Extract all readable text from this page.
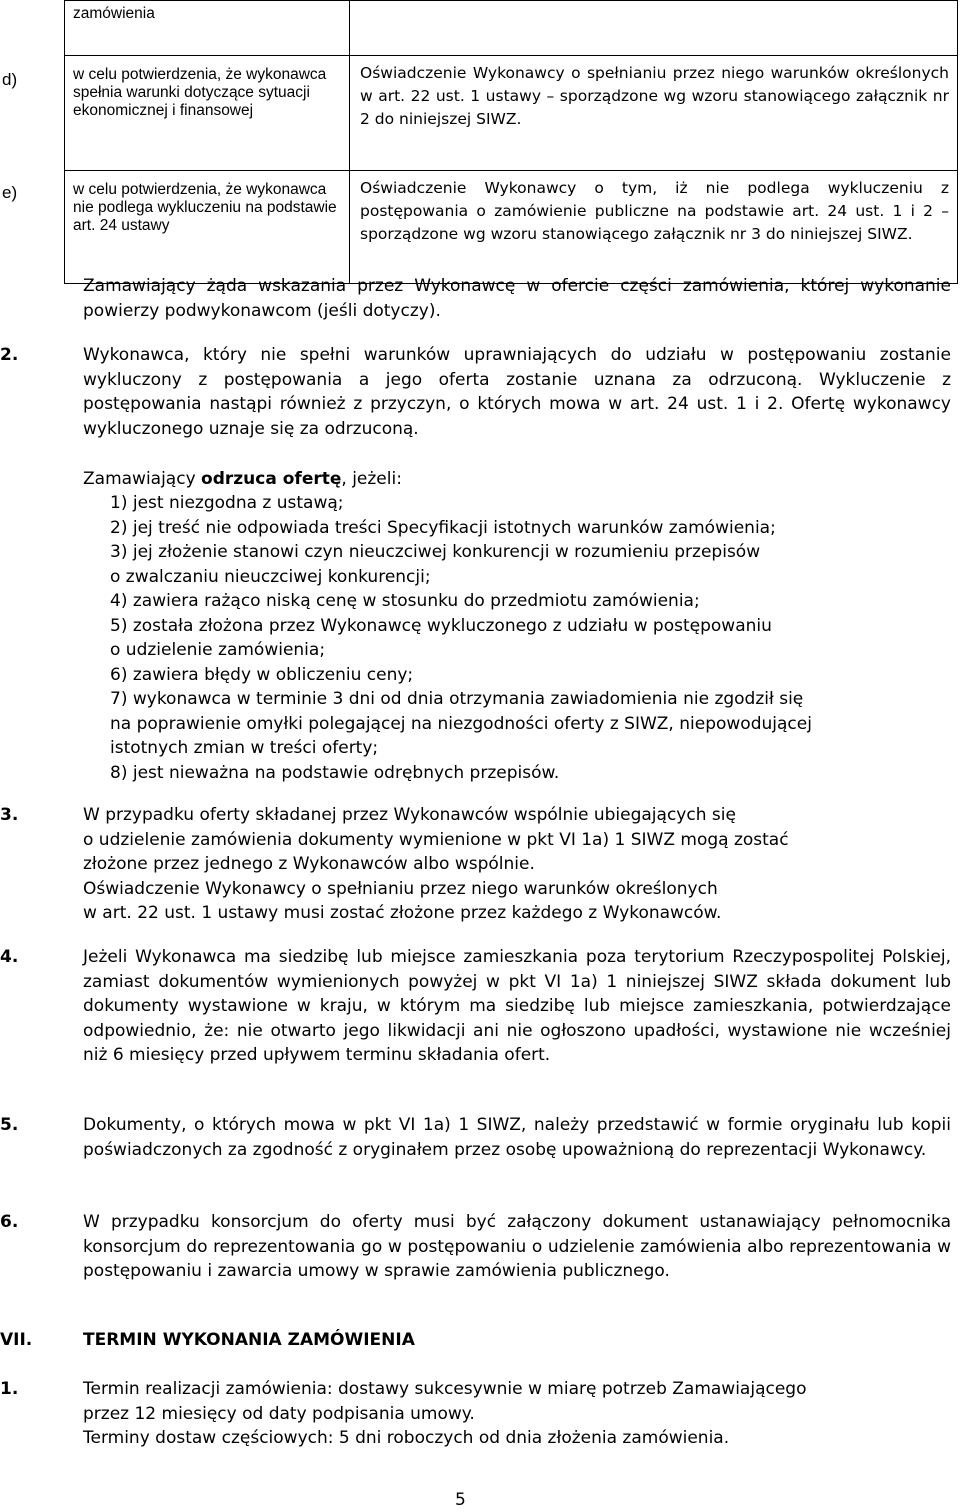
	zamówienia	
d)	w celu potwierdzenia, że wykonawca spełnia warunki dotyczące sytuacji ekonomicznej i finansowej	Oświadczenie Wykonawcy o spełnianiu przez niego warunków określonych w art. 22 ust. 1 ustawy – sporządzone wg wzoru stanowiącego załącznik nr 2 do niniejszej SIWZ.
e)	w celu potwierdzenia, że wykonawca nie podlega wykluczeniu na podstawie art. 24 ustawy	Oświadczenie Wykonawcy o tym, iż nie podlega wykluczeniu z postępowania o zamówienie publiczne na podstawie art. 24 ust. 1 i 2 – sporządzone wg wzoru stanowiącego załącznik nr 3 do niniejszej SIWZ.
Zamawiający żąda wskazania przez Wykonawcę w ofercie części zamówienia, której wykonanie powierzy podwykonawcom (jeśli dotyczy).
2.	Wykonawca, który nie spełni warunków uprawniających do udziału w postępowaniu zostanie wykluczony z postępowania a jego oferta zostanie uznana za odrzuconą. Wykluczenie z postępowania nastąpi również z przyczyn, o których mowa w art. 24 ust. 1 i 2. Ofertę wykonawcy wykluczonego uznaje się za odrzuconą.
Zamawiający odrzuca ofertę, jeżeli:
1) jest niezgodna z ustawą;
2) jej treść nie odpowiada treści Specyfikacji istotnych warunków zamówienia;
3) jej złożenie stanowi czyn nieuczciwej konkurencji w rozumieniu przepisów
o zwalczaniu nieuczciwej konkurencji;
4) zawiera rażąco niską cenę w stosunku do przedmiotu zamówienia;
5) została złożona przez Wykonawcę wykluczonego z udziału w postępowaniu
o udzielenie zamówienia;
6) zawiera błędy w obliczeniu ceny;
7) wykonawca w terminie 3 dni od dnia otrzymania zawiadomienia nie zgodził się
na poprawienie omyłki polegającej na niezgodności oferty z SIWZ, niepowodującej
istotnych zmian w treści oferty;
8) jest nieważna na podstawie odrębnych przepisów.
3.	W przypadku oferty składanej przez Wykonawców wspólnie ubiegających się
o udzielenie zamówienia dokumenty wymienione w pkt VI 1a) 1 SIWZ mogą zostać
złożone przez jednego z Wykonawców albo wspólnie.
Oświadczenie Wykonawcy o spełnianiu przez niego warunków określonych
w art. 22 ust. 1 ustawy musi zostać złożone przez każdego z Wykonawców.
4.	Jeżeli Wykonawca ma siedzibę lub miejsce zamieszkania poza terytorium Rzeczypospolitej Polskiej, zamiast dokumentów wymienionych powyżej w pkt VI 1a) 1 niniejszej SIWZ składa dokument lub dokumenty wystawione w kraju, w którym ma siedzibę lub miejsce zamieszkania, potwierdzające odpowiednio, że: nie otwarto jego likwidacji ani nie ogłoszono upadłości, wystawione nie wcześniej niż 6 miesięcy przed upływem terminu składania ofert.
5.	Dokumenty, o których mowa w pkt VI 1a) 1 SIWZ, należy przedstawić w formie oryginału lub kopii poświadczonych za zgodność z oryginałem przez osobę upoważnioną do reprezentacji Wykonawcy.
6.	W przypadku konsorcjum do oferty musi być załączony dokument ustanawiający pełnomocnika konsorcjum do reprezentowania go w postępowaniu o udzielenie zamówienia albo reprezentowania w postępowaniu i zawarcia umowy w sprawie zamówienia publicznego.
VII.	TERMIN WYKONANIA ZAMÓWIENIA
1.	Termin realizacji zamówienia: dostawy sukcesywnie w miarę potrzeb Zamawiającego
przez 12 miesięcy od daty podpisania umowy.
Terminy dostaw częściowych: 5 dni roboczych od dnia złożenia zamówienia.
5
